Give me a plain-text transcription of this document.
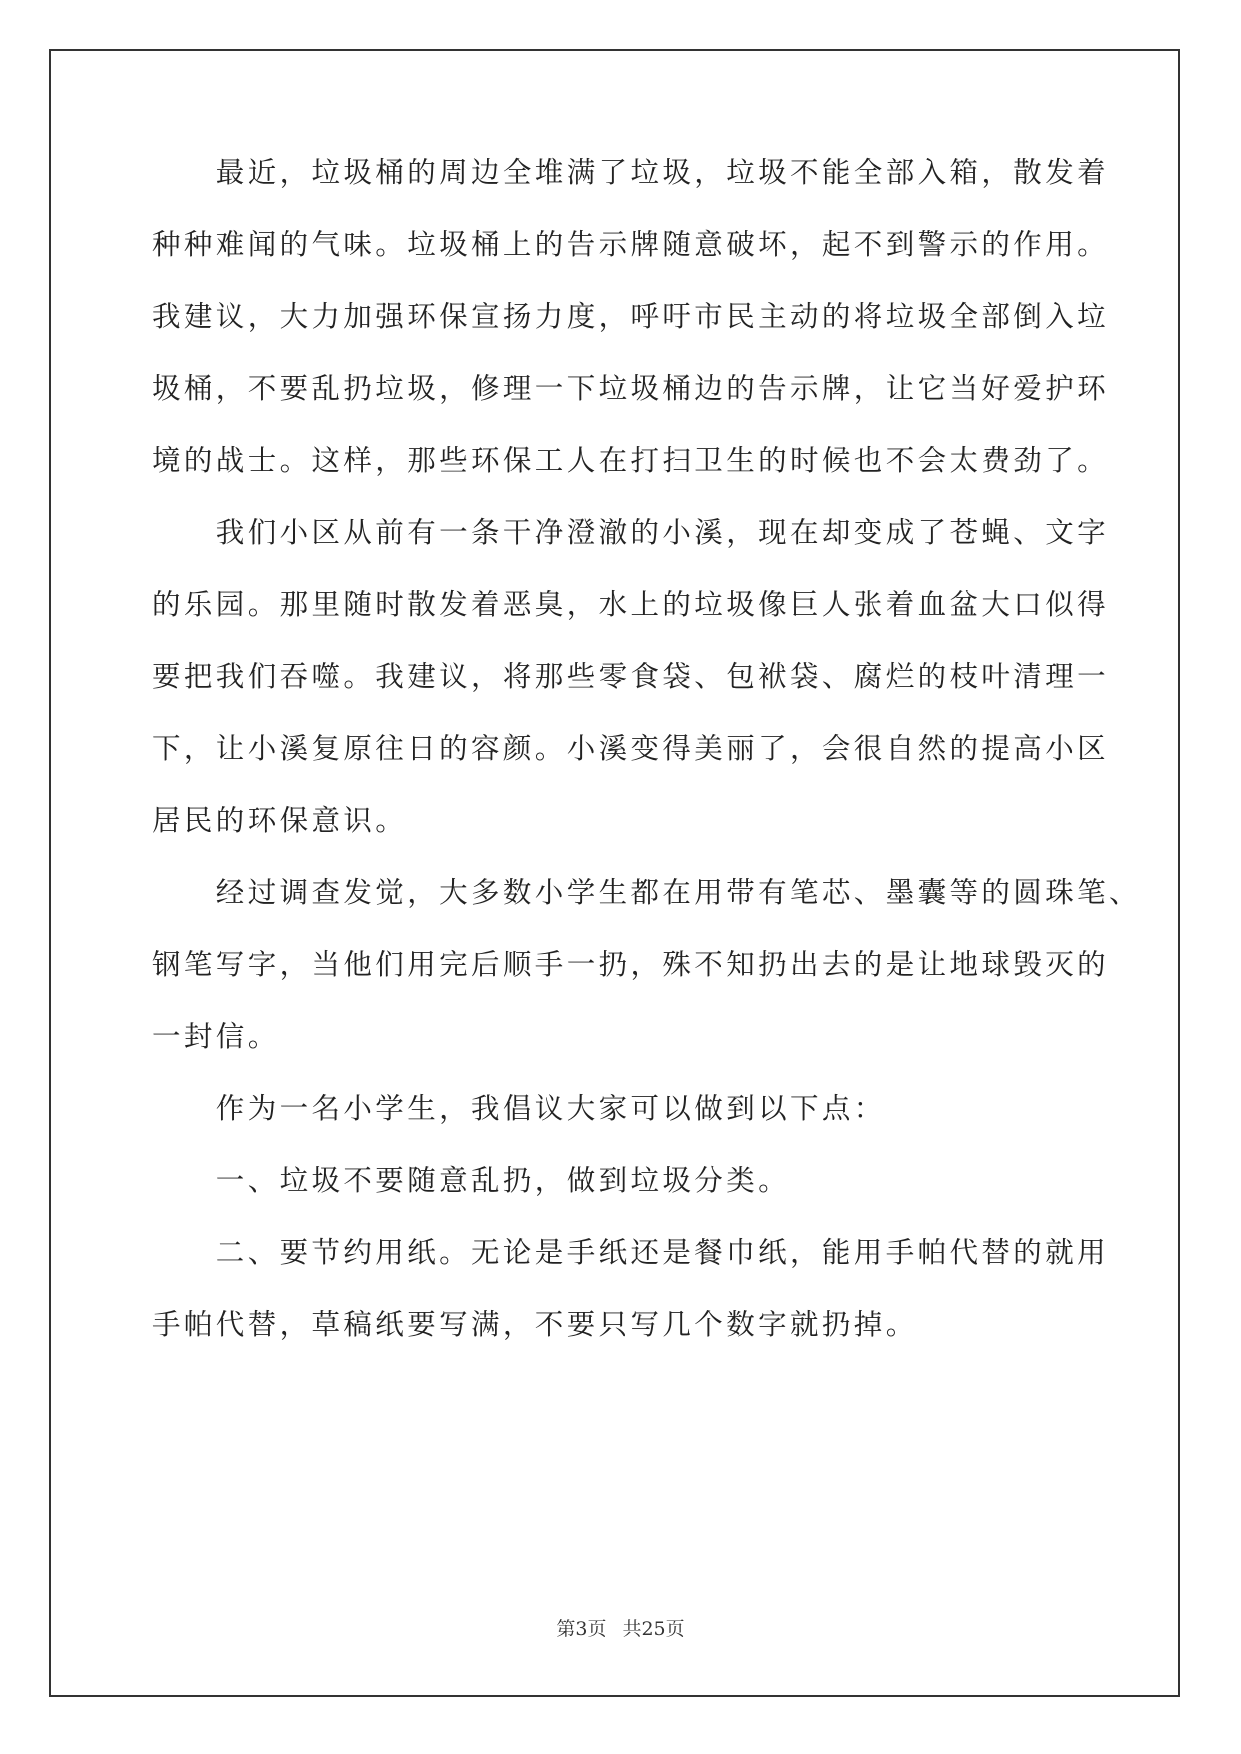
　　最近，垃圾桶的周边全堆满了垃圾，垃圾不能全部入箱，散发着
种种难闻的气味。垃圾桶上的告示牌随意破坏，起不到警示的作用。
我建议，大力加强环保宣扬力度，呼吁市民主动的将垃圾全部倒入垃
圾桶，不要乱扔垃圾，修理一下垃圾桶边的告示牌，让它当好爱护环
境的战士。这样，那些环保工人在打扫卫生的时候也不会太费劲了。
　　我们小区从前有一条干净澄澈的小溪，现在却变成了苍蝇、文字
的乐园。那里随时散发着恶臭，水上的垃圾像巨人张着血盆大口似得
要把我们吞噬。我建议，将那些零食袋、包袱袋、腐烂的枝叶清理一
下，让小溪复原往日的容颜。小溪变得美丽了，会很自然的提高小区
居民的环保意识。
　　经过调查发觉，大多数小学生都在用带有笔芯、墨囊等的圆珠笔、
钢笔写字，当他们用完后顺手一扔，殊不知扔出去的是让地球毁灭的
一封信。
　　作为一名小学生，我倡议大家可以做到以下点：
　　一、垃圾不要随意乱扔，做到垃圾分类。
　　二、要节约用纸。无论是手纸还是餐巾纸，能用手帕代替的就用
手帕代替，草稿纸要写满，不要只写几个数字就扔掉。
第3页 共25页
